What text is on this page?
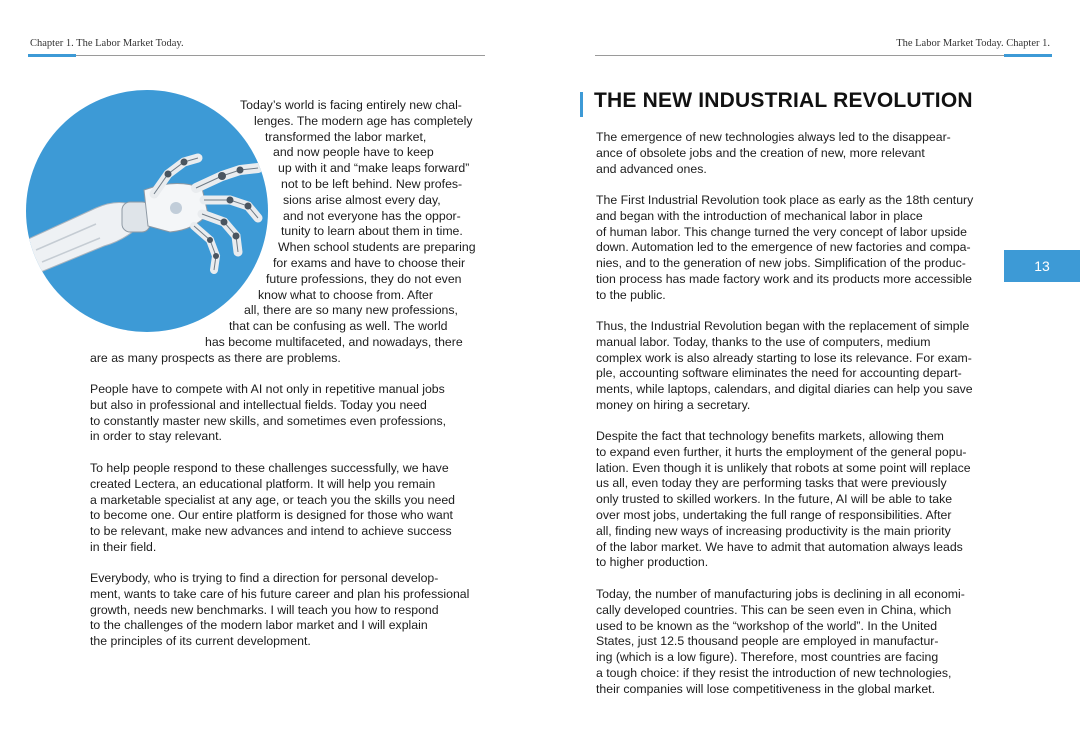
Chapter 1. The Labor Market Today.	The Labor Market Today. Chapter 1.
Today’s world is facing entirely new chal-
lenges. The modern age has completely
transformed the labor market,
and now people have to keep
up with it and “make leaps forward”
not to be left behind. New profes-
sions arise almost every day,
and not everyone has the oppor-
tunity to learn about them in time.
When school students are preparing
for exams and have to choose their
future professions, they do not even
know what to choose from. After
all, there are so many new professions,
that can be confusing as well. The world
has become multifaceted, and nowadays, there
are as many prospects as there are problems.
People have to compete with AI not only in repetitive manual jobs
but also in professional and intellectual fields. Today you need
to constantly master new skills, and sometimes even professions,
in order to stay relevant.
To help people respond to these challenges successfully, we have
created Lectera, an educational platform. It will help you remain
a marketable specialist at any age, or teach you the skills you need
to become one. Our entire platform is designed for those who want
to be relevant, make new advances and intend to achieve success
in their field.
Everybody, who is trying to find a direction for personal develop-
ment, wants to take care of his future career and plan his professional
growth, needs new benchmarks. I will teach you how to respond
to the challenges of the modern labor market and I will explain
the principles of its current development.
THE NEW INDUSTRIAL REVOLUTION
The emergence of new technologies always led to the disappear-
ance of obsolete jobs and the creation of new, more relevant
and advanced ones.
The First Industrial Revolution took place as early as the 18th century
and began with the introduction of mechanical labor in place
of human labor. This change turned the very concept of labor upside
down. Automation led to the emergence of new factories and compa-
nies, and to the generation of new jobs. Simplification of the produc-
tion process has made factory work and its products more accessible
to the public.
Thus, the Industrial Revolution began with the replacement of simple
manual labor. Today, thanks to the use of computers, medium
complex work is also already starting to lose its relevance. For exam-
ple, accounting software eliminates the need for accounting depart-
ments, while laptops, calendars, and digital diaries can help you save
money on hiring a secretary.
Despite the fact that technology benefits markets, allowing them
to expand even further, it hurts the employment of the general popu-
lation. Even though it is unlikely that robots at some point will replace
us all, even today they are performing tasks that were previously
only trusted to skilled workers. In the future, AI will be able to take
over most jobs, undertaking the full range of responsibilities. After
all, finding new ways of increasing productivity is the main priority
of the labor market. We have to admit that automation always leads
to higher production.
Today, the number of manufacturing jobs is declining in all economi-
cally developed countries. This can be seen even in China, which
used to be known as the “workshop of the world”. In the United
States, just 12.5 thousand people are employed in manufactur-
ing (which is a low figure). Therefore, most countries are facing
a tough choice: if they resist the introduction of new technologies,
their companies will lose competitiveness in the global market.
13
